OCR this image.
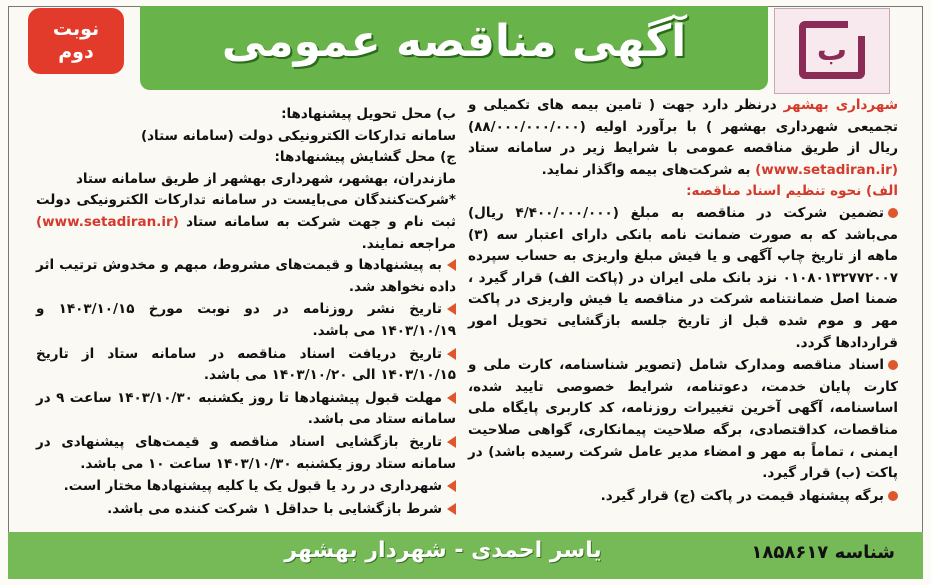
آگهی مناقصه عمومی
نوبت
دوم	ب

شهرداری بهشهر درنظر دارد جهت ( تامین بیمه های تکمیلی و تجمیعی شهرداری بهشهر ) با برآورد اولیه (۸۸/۰۰۰/۰۰۰/۰۰۰) ریال از طریق مناقصه عمومی با شرایط زیر در سامانه ستاد (www.setadiran.ir) به شرکت‌های بیمه واگذار نماید.

الف) نحوه تنظیم اسناد مناقصه:

تضمین شرکت در مناقصه به مبلغ (۴/۴۰۰/۰۰۰/۰۰۰ ریال) می‌باشد که به صورت ضمانت نامه بانکی دارای اعتبار سه (۳) ماهه از تاریخ چاپ آگهی و یا فیش مبلغ واریزی به حساب سپرده ۰۱۰۸۰۱۳۲۷۷۲۰۰۷ نزد بانک ملی ایران در (پاکت الف) قرار گیرد ، ضمنا اصل ضمانتنامه شرکت در مناقصه یا فیش واریزی در پاکت مهر و موم شده قبل از تاریخ جلسه بازگشایی تحویل امور قراردادها گردد.

اسناد مناقصه ومدارک شامل (تصویر شناسنامه، کارت ملی و کارت پایان خدمت، دعوتنامه، شرایط خصوصی تایید شده، اساسنامه، آگهی آخرین تغییرات روزنامه، کد کاربری پایگاه ملی مناقصات، کداقتصادی، برگه صلاحیت پیمانکاری، گواهی صلاحیت ایمنی ، تماماً به مهر و امضاء مدیر عامل شرکت رسیده باشد) در پاکت (ب) قرار گیرد.

برگه پیشنهاد قیمت در پاکت (ج) قرار گیرد.

ب) محل تحویل پیشنهادها:

سامانه تدارکات الکترونیکی دولت (سامانه ستاد)

ج) محل گشایش پیشنهادها:

مازندران، بهشهر، شهرداری بهشهر از طریق سامانه ستاد

*شرکت‌کنندگان می‌بایست در سامانه تدارکات الکترونیکی دولت ثبت نام و جهت شرکت به سامانه ستاد (www.setadiran.ir) مراجعه نمایند.

به پیشنهادها و قیمت‌های مشروط، مبهم و مخدوش ترتیب اثر داده نخواهد شد.

تاریخ نشر روزنامه در دو نوبت مورخ ۱۴۰۳/۱۰/۱۵ و ۱۴۰۳/۱۰/۱۹ می باشد.

تاریخ دریافت اسناد مناقصه در سامانه ستاد از تاریخ ۱۴۰۳/۱۰/۱۵ الی ۱۴۰۳/۱۰/۲۰ می باشد.

مهلت قبول پیشنهادها تا روز یکشنبه ۱۴۰۳/۱۰/۳۰ ساعت ۹ در سامانه ستاد می باشد.

تاریخ بازگشایی اسناد مناقصه و قیمت‌های پیشنهادی در سامانه ستاد روز یکشنبه ۱۴۰۳/۱۰/۳۰ ساعت ۱۰ می باشد.

شهرداری در رد یا قبول یک یا کلیه پیشنهادها مختار است.

شرط بازگشایی با حداقل ۱ شرکت کننده می باشد.

یاسر احمدی - شهردار بهشهر	شناسه ۱۸۵۸۶۱۷
